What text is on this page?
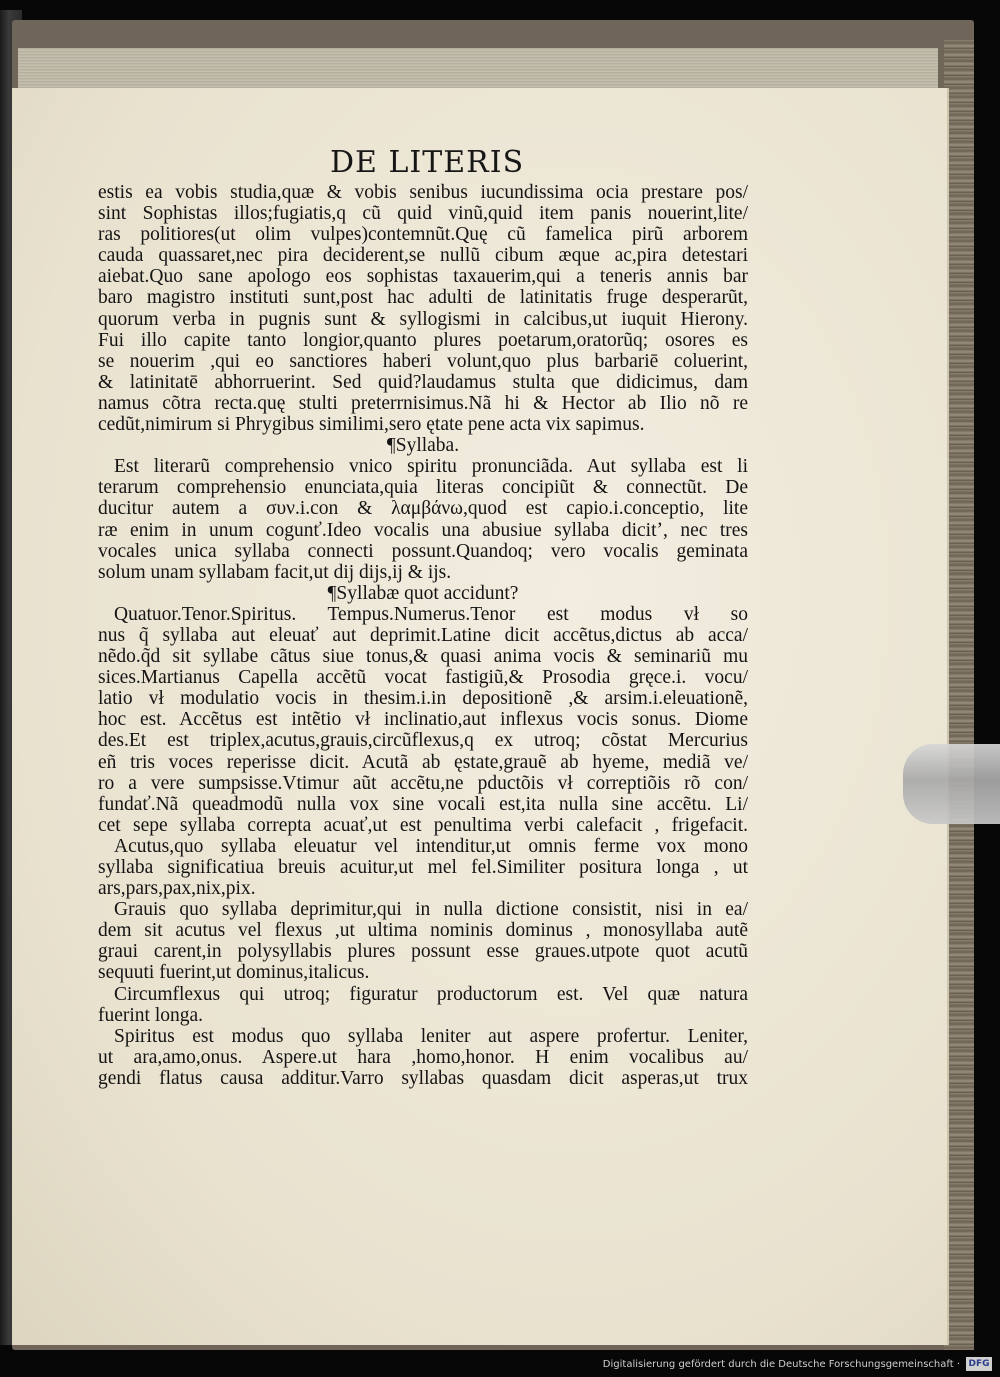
DE LITERIS
estis ea vobis studia,quæ & vobis senibus iucundissima ocia prestare pos/
sint Sophistas illos;fugiatis,q cũ quid vinũ,quid item panis nouerint,lite/
ras politiores(ut olim vulpes)contemnũt.Quę cũ famelica pirũ arborem
cauda quassaret,nec pira deciderent,se nullũ cibum æque ac,pira detestari
aiebat.Quo sane apologo eos sophistas taxauerim,qui a teneris annis bar
baro magistro instituti sunt,post hac adulti de latinitatis fruge desperarũt,
quorum verba in pugnis sunt & syllogismi in calcibus,ut iuquit Hierony.
Fui illo capite tanto longior,quanto plures poetarum,oratorũq; osores es
se nouerim ,qui eo sanctiores haberi volunt,quo plus barbariē coluerint,
& latinitatē abhorruerint. Sed quid?laudamus stulta que didicimus, dam
namus cõtra recta.quę stulti preterrnisimus.Nã hi & Hector ab Ilio nõ re
cedũt,nimirum si Phrygibus similimi,sero ętate pene acta vix sapimus.
¶Syllaba.
Est literarũ comprehensio vnico spiritu pronunciãda. Aut syllaba est li
terarum comprehensio enunciata,quia literas concipiũt & connectũt. De
ducitur autem a συν.i.con & λαμβάνω,quod est capio.i.conceptio, lite
ræ enim in unum cogunť.Ideo vocalis una abusiue syllaba dicitʼ, nec tres
vocales unica syllaba connecti possunt.Quandoq; vero vocalis geminata
solum unam syllabam facit,ut dij dijs,ij & ijs.
¶Syllabæ quot accidunt?
Quatuor.Tenor.Spiritus. Tempus.Numerus.Tenor est modus vł so
nus q̃ syllaba aut eleuať aut deprimit.Latine dicit accẽtus,dictus ab acca/
nẽdo.q̃d sit syllabe cãtus siue tonus,& quasi anima vocis & seminariũ mu
sices.Martianus Capella accẽtũ vocat fastigiũ,& Prosodia gręce.i. vocu/
latio vł modulatio vocis in thesim.i.in depositionẽ ,& arsim.i.eleuationẽ,
hoc est. Accẽtus est intẽtio vł inclinatio,aut inflexus vocis sonus. Diome
des.Et est triplex,acutus,grauis,circũflexus,q ex utroq; cõstat Mercurius
eñ tris voces reperisse dicit. Acutã ab ęstate,grauẽ ab hyeme, mediã ve/
ro a vere sumpsisse.Vtimur aũt accẽtu,ne pductõis vł correptiõis rõ con/
fundať.Nã queadmodũ nulla vox sine vocali est,ita nulla sine accẽtu. Li/
cet sepe syllaba correpta acuať,ut est penultima verbi calefacit , frigefacit.
Acutus,quo syllaba eleuatur vel intenditur,ut omnis ferme vox mono
syllaba significatiua breuis acuitur,ut mel fel.Similiter positura longa , ut
ars,pars,pax,nix,pix.
Grauis quo syllaba deprimitur,qui in nulla dictione consistit, nisi in ea/
dem sit acutus vel flexus ,ut ultima nominis dominus , monosyllaba autẽ
graui carent,in polysyllabis plures possunt esse graues.utpote quot acutũ
sequuti fuerint,ut dominus,italicus.
Circumflexus qui utroq; figuratur productorum est. Vel quæ natura
fuerint longa.
Spiritus est modus quo syllaba leniter aut aspere profertur. Leniter,
ut ara,amo,onus. Aspere.ut hara ,homo,honor. H enim vocalibus au/
gendi flatus causa additur.Varro syllabas quasdam dicit asperas,ut trux
Digitalisierung gefördert durch die Deutsche Forschungsgemeinschaft · DFG
